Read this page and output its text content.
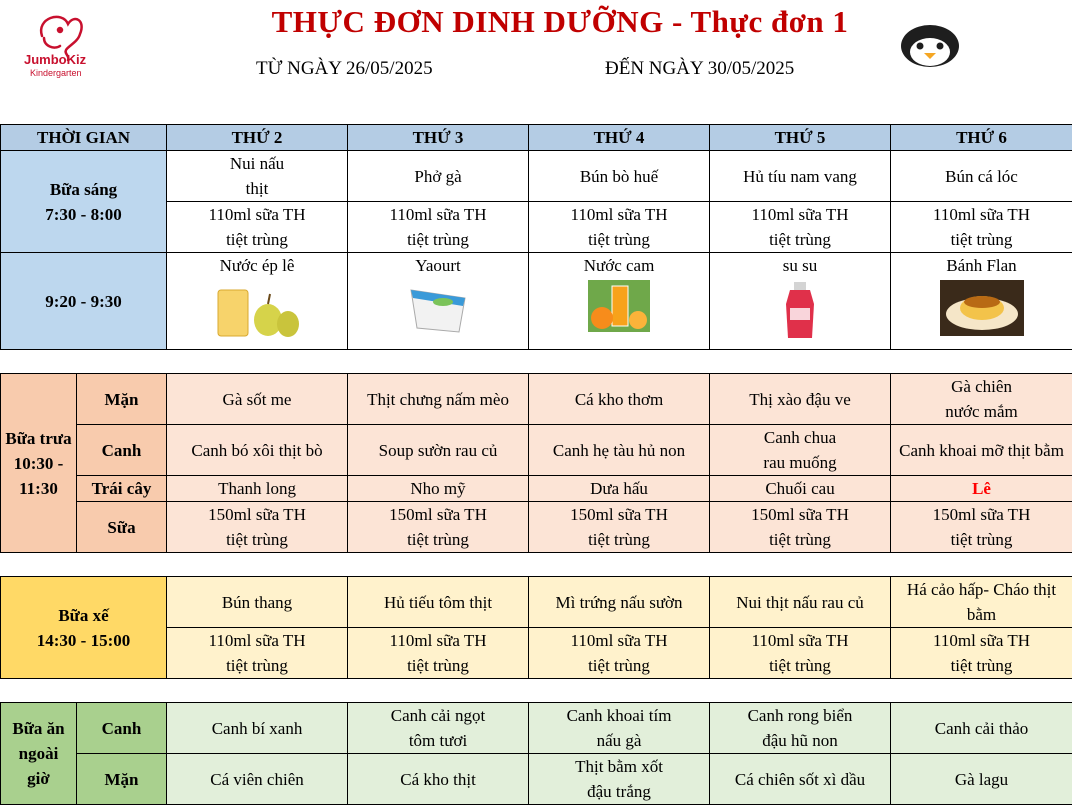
JumboKiz
Kindergarten
THỰC ĐƠN DINH DƯỠNG - Thực đơn 1
TỪ NGÀY 26/05/2025	ĐẾN NGÀY 30/05/2025
THỜI GIAN		THỨ 2	THỨ 3	THỨ 4	THỨ 5	THỨ 6

Bữa sáng
7:30 - 8:00		Nui nấu thịt	Phở gà	Bún bò huế	Hủ tíu nam vang	Bún cá lóc
		110ml sữa TH tiệt trùng	110ml sữa TH tiệt trùng	110ml sữa TH tiệt trùng	110ml sữa TH tiệt trùng	110ml sữa TH tiệt trùng
9:20 - 9:30		Nước ép lê	Yaourt	Nước cam	su su	Bánh Flan

Bữa trưa 10:30 - 11:30	Mặn	Gà sốt me	Thịt chưng nấm mèo	Cá kho thơm	Thị xào đậu ve	Gà chiên nước mắm
	Canh	Canh bó xôi thịt bò	Soup sườn rau củ	Canh hẹ tàu hủ non	Canh chua rau muống	Canh khoai mỡ thịt bằm
	Trái cây	Thanh long	Nho mỹ	Dưa hấu	Chuối cau	Lê
	Sữa	150ml sữa TH tiệt trùng	150ml sữa TH tiệt trùng	150ml sữa TH tiệt trùng	150ml sữa TH tiệt trùng	150ml sữa TH tiệt trùng

Bữa xế
14:30 - 15:00		Bún thang	Hủ tiếu tôm thịt	Mì trứng nấu sườn	Nui thịt nấu rau củ	Há cảo hấp- Cháo thịt bằm
		110ml sữa TH tiệt trùng	110ml sữa TH tiệt trùng	110ml sữa TH tiệt trùng	110ml sữa TH tiệt trùng	110ml sữa TH tiệt trùng

Bữa ăn ngoài giờ	Canh	Canh bí xanh	Canh cải ngọt tôm tươi	Canh khoai tím nấu gà	Canh rong biển đậu hũ non	Canh cải thảo
	Mặn	Cá viên chiên	Cá kho thịt	Thịt bằm xốt đậu trắng	Cá chiên sốt xì dầu	Gà lagu
